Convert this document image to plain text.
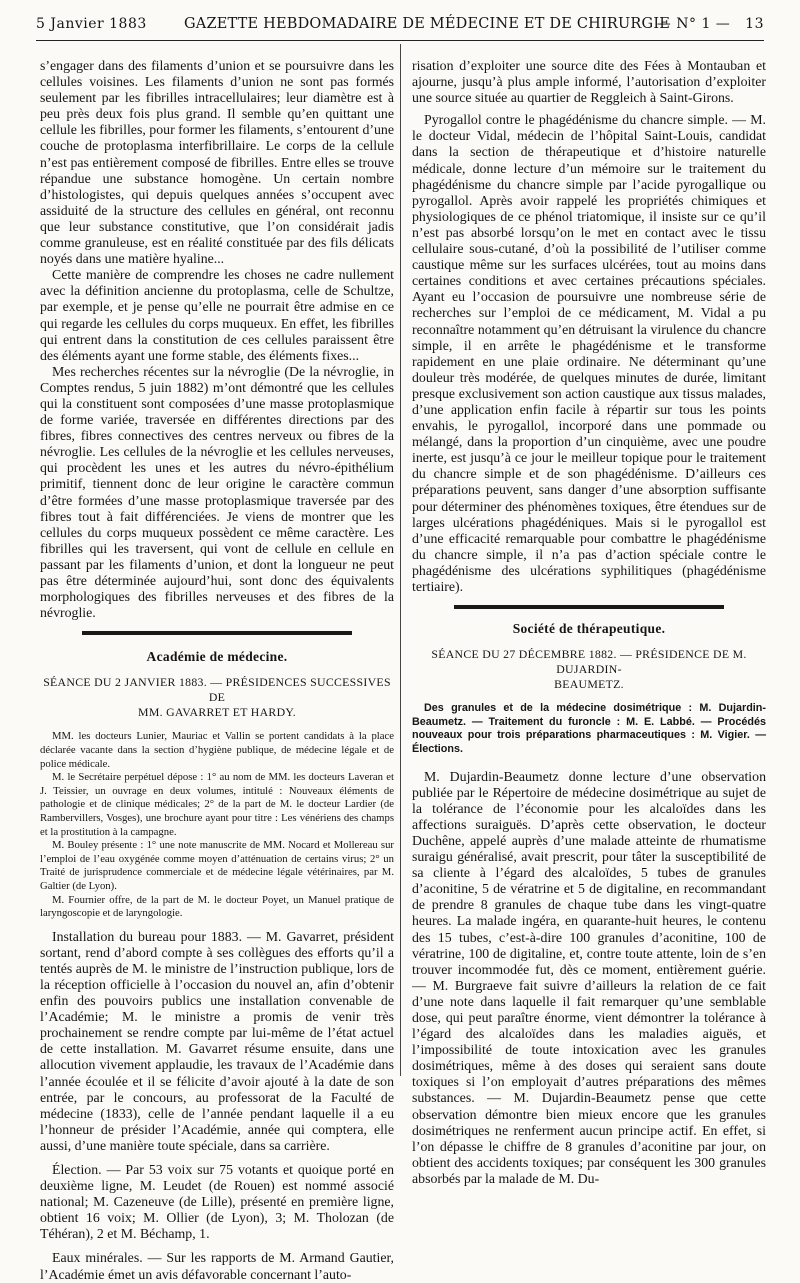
5 Janvier 1883	GAZETTE HEBDOMADAIRE DE MÉDECINE ET DE CHIRURGIE
— N° 1 — 13

s’engager dans des filaments d’union et se poursuivre dans les cellules voisines. Les filaments d’union ne sont pas formés seulement par les fibrilles intracellulaires; leur diamètre est à peu près deux fois plus grand. Il semble qu’en quittant une cellule les fibrilles, pour former les filaments, s’entourent d’une couche de protoplasma interfibrillaire. Le corps de la cellule n’est pas entièrement composé de fibrilles. Entre elles se trouve répandue une substance homogène. Un certain nombre d’histologistes, qui depuis quelques années s’occupent avec assiduité de la structure des cellules en général, ont reconnu que leur substance constitutive, que l’on considérait jadis comme granuleuse, est en réalité constituée par des fils délicats noyés dans une matière hyaline...

Cette manière de comprendre les choses ne cadre nullement avec la définition ancienne du protoplasma, celle de Schultze, par exemple, et je pense qu’elle ne pourrait être admise en ce qui regarde les cellules du corps muqueux. En effet, les fibrilles qui entrent dans la constitution de ces cellules paraissent être des éléments ayant une forme stable, des éléments fixes...

Mes recherches récentes sur la névroglie (De la névroglie, in Comptes rendus, 5 juin 1882) m’ont démontré que les cellules qui la constituent sont composées d’une masse protoplasmique de forme variée, traversée en différentes directions par des fibres, fibres connectives des centres nerveux ou fibres de la névroglie. Les cellules de la névroglie et les cellules nerveuses, qui procèdent les unes et les autres du névro-épithélium primitif, tiennent donc de leur origine le caractère commun d’être formées d’une masse protoplasmique traversée par des fibres tout à fait différenciées. Je viens de montrer que les cellules du corps muqueux possèdent ce même caractère. Les fibrilles qui les traversent, qui vont de cellule en cellule en passant par les filaments d’union, et dont la longueur ne peut pas être déterminée aujourd’hui, sont donc des équivalents morphologiques des fibrilles nerveuses et des fibres de la névroglie.

Académie de médecine.
SÉANCE DU 2 JANVIER 1883. — PRÉSIDENCES SUCCESSIVES DE
MM. GAVARRET ET HARDY.

MM. les docteurs Lunier, Mauriac et Vallin se portent candidats à la place déclarée vacante dans la section d’hygiène publique, de médecine légale et de police médicale.

M. le Secrétaire perpétuel dépose : 1° au nom de MM. les docteurs Laveran et J. Teissier, un ouvrage en deux volumes, intitulé : Nouveaux éléments de pathologie et de clinique médicales; 2° de la part de M. le docteur Lardier (de Rambervillers, Vosges), une brochure ayant pour titre : Les vénériens des champs et la prostitution à la campagne.

M. Bouley présente : 1° une note manuscrite de MM. Nocard et Mollereau sur l’emploi de l’eau oxygénée comme moyen d’atténuation de certains virus; 2° un Traité de jurisprudence commerciale et de médecine légale vétérinaires, par M. Galtier (de Lyon).

M. Fournier offre, de la part de M. le docteur Poyet, un Manuel pratique de laryngoscopie et de laryngologie.

Installation du bureau pour 1883. — M. Gavarret, président sortant, rend d’abord compte à ses collègues des efforts qu’il a tentés auprès de M. le ministre de l’instruction publique, lors de la réception officielle à l’occasion du nouvel an, afin d’obtenir enfin des pouvoirs publics une installation convenable de l’Académie; M. le ministre a promis de venir très prochainement se rendre compte par lui-même de l’état actuel de cette installation. M. Gavarret résume ensuite, dans une allocution vivement applaudie, les travaux de l’Académie dans l’année écoulée et il se félicite d’avoir ajouté à la date de son entrée, par le concours, au professorat de la Faculté de médecine (1833), celle de l’année pendant laquelle il a eu l’honneur de présider l’Académie, année qui comptera, elle aussi, d’une manière toute spéciale, dans sa carrière.

Élection. — Par 53 voix sur 75 votants et quoique porté en deuxième ligne, M. Leudet (de Rouen) est nommé associé national; M. Cazeneuve (de Lille), présenté en première ligne, obtient 16 voix; M. Ollier (de Lyon), 3; M. Tholozan (de Téhéran), 2 et M. Béchamp, 1.

Eaux minérales. — Sur les rapports de M. Armand Gautier, l’Académie émet un avis défavorable concernant l’auto-

risation d’exploiter une source dite des Fées à Montauban et ajourne, jusqu’à plus ample informé, l’autorisation d’exploiter une source située au quartier de Reggleich à Saint-Girons.

Pyrogallol contre le phagédénisme du chancre simple. — M. le docteur Vidal, médecin de l’hôpital Saint-Louis, candidat dans la section de thérapeutique et d’histoire naturelle médicale, donne lecture d’un mémoire sur le traitement du phagédénisme du chancre simple par l’acide pyrogallique ou pyrogallol. Après avoir rappelé les propriétés chimiques et physiologiques de ce phénol triatomique, il insiste sur ce qu’il n’est pas absorbé lorsqu’on le met en contact avec le tissu cellulaire sous-cutané, d’où la possibilité de l’utiliser comme caustique même sur les surfaces ulcérées, tout au moins dans certaines conditions et avec certaines précautions spéciales. Ayant eu l’occasion de poursuivre une nombreuse série de recherches sur l’emploi de ce médicament, M. Vidal a pu reconnaître notamment qu’en détruisant la virulence du chancre simple, il en arrête le phagédénisme et le transforme rapidement en une plaie ordinaire. Ne déterminant qu’une douleur très modérée, de quelques minutes de durée, limitant presque exclusivement son action caustique aux tissus malades, d’une application enfin facile à répartir sur tous les points envahis, le pyrogallol, incorporé dans une pommade ou mélangé, dans la proportion d’un cinquième, avec une poudre inerte, est jusqu’à ce jour le meilleur topique pour le traitement du chancre simple et de son phagédénisme. D’ailleurs ces préparations peuvent, sans danger d’une absorption suffisante pour déterminer des phénomènes toxiques, être étendues sur de larges ulcérations phagédéniques. Mais si le pyrogallol est d’une efficacité remarquable pour combattre le phagédénisme du chancre simple, il n’a pas d’action spéciale contre le phagédénisme des ulcérations syphilitiques (phagédénisme tertiaire).

Société de thérapeutique.
SÉANCE DU 27 DÉCEMBRE 1882. — PRÉSIDENCE DE M. DUJARDIN-
BEAUMETZ.

Des granules et de la médecine dosimétrique : M. Dujardin-Beaumetz. — Traitement du furoncle : M. E. Labbé. — Procédés nouveaux pour trois préparations pharmaceutiques : M. Vigier. — Élections.

M. Dujardin-Beaumetz donne lecture d’une observation publiée par le Répertoire de médecine dosimétrique au sujet de la tolérance de l’économie pour les alcaloïdes dans les affections suraiguës. D’après cette observation, le docteur Duchêne, appelé auprès d’une malade atteinte de rhumatisme suraigu généralisé, avait prescrit, pour tâter la susceptibilité de sa cliente à l’égard des alcaloïdes, 5 tubes de granules d’aconitine, 5 de vératrine et 5 de digitaline, en recommandant de prendre 8 granules de chaque tube dans les vingt-quatre heures. La malade ingéra, en quarante-huit heures, le contenu des 15 tubes, c’est-à-dire 100 granules d’aconitine, 100 de vératrine, 100 de digitaline, et, contre toute attente, loin de s’en trouver incommodée fut, dès ce moment, entièrement guérie. — M. Burgraeve fait suivre d’ailleurs la relation de ce fait d’une note dans laquelle il fait remarquer qu’une semblable dose, qui peut paraître énorme, vient démontrer la tolérance à l’égard des alcaloïdes dans les maladies aiguës, et l’impossibilité de toute intoxication avec les granules dosimétriques, même à des doses qui seraient sans doute toxiques si l’on employait d’autres préparations des mêmes substances. — M. Dujardin-Beaumetz pense que cette observation démontre bien mieux encore que les granules dosimétriques ne renferment aucun principe actif. En effet, si l’on dépasse le chiffre de 8 granules d’aconitine par jour, on obtient des accidents toxiques; par conséquent les 300 granules absorbés par la malade de M. Du-
